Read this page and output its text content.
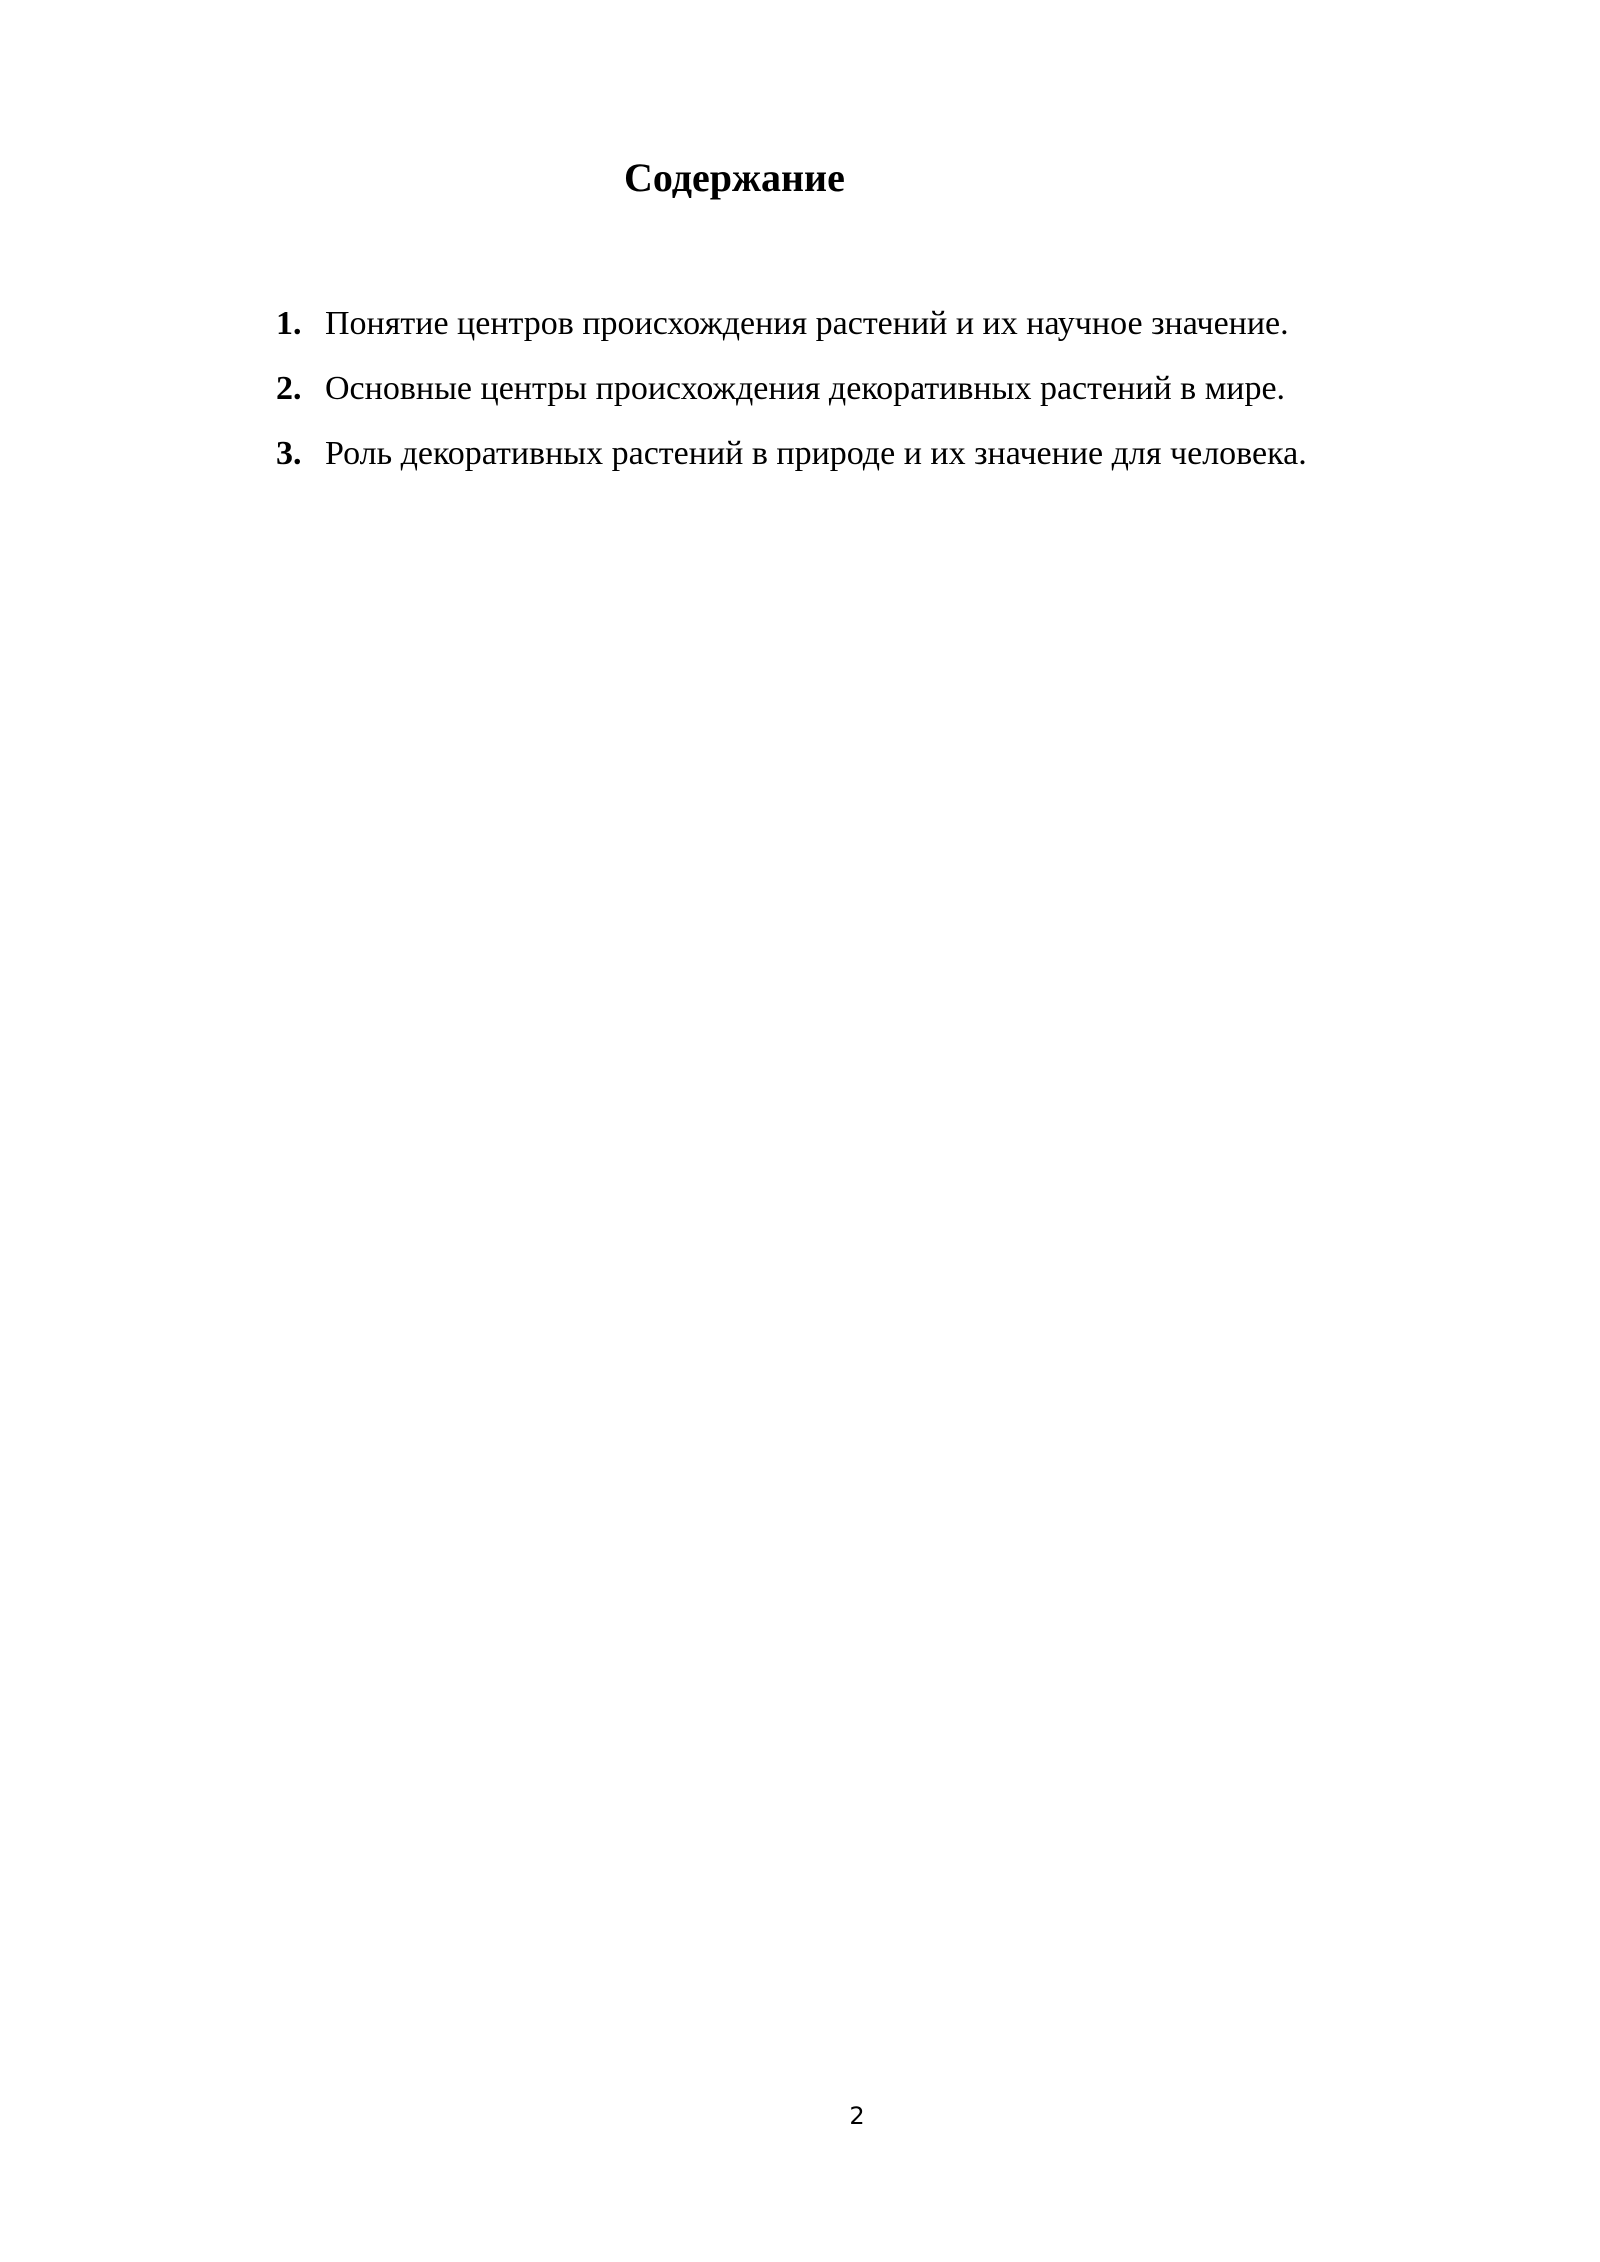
Содержание
1. Понятие центров происхождения растений и их научное значение.
2. Основные центры происхождения декоративных растений в мире.
3. Роль декоративных растений в природе и их значение для человека.
2
